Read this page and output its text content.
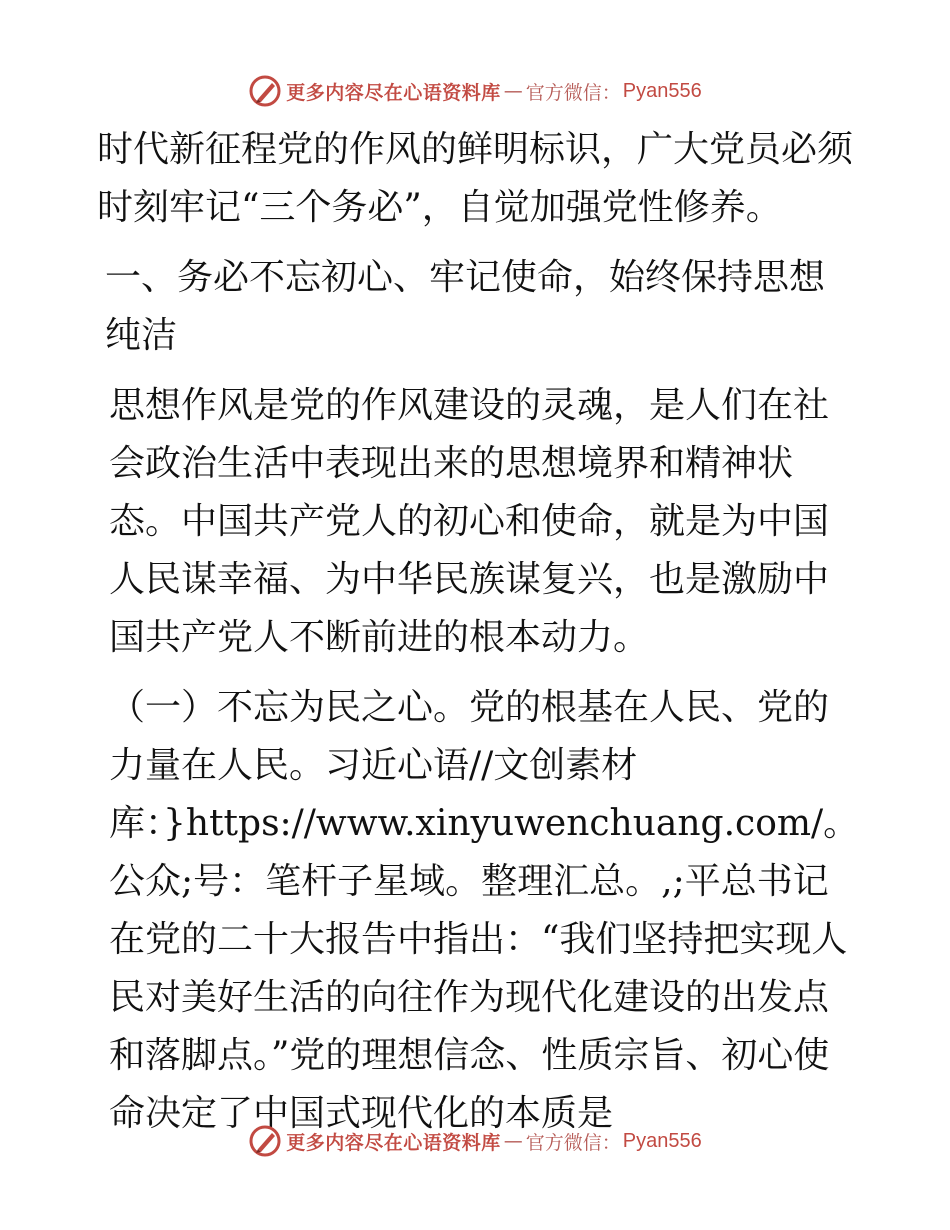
更多内容尽在心语资料库 — 官方微信： Pyan556

时代新征程党的作风的鲜明标识，广大党员必须时刻牢记“三个务必”，自觉加强党性修养。

一、务必不忘初心、牢记使命，始终保持思想纯洁

思想作风是党的作风建设的灵魂，是人们在社会政治生活中表现出来的思想境界和精神状态。中国共产党人的初心和使命，就是为中国人民谋幸福、为中华民族谋复兴，也是激励中国共产党人不断前进的根本动力。

（一）不忘为民之心。党的根基在人民、党的力量在人民。习近心语//文创素材库：}https://www.xinyuwenchuang.com/。公众;号：笔杆子星域。整理汇总。,;平总书记在党的二十大报告中指出：“我们坚持把实现人民对美好生活的向往作为现代化建设的出发点和落脚点。”党的理想信念、性质宗旨、初心使命决定了中国式现代化的本质是

更多内容尽在心语资料库 — 官方微信： Pyan556
